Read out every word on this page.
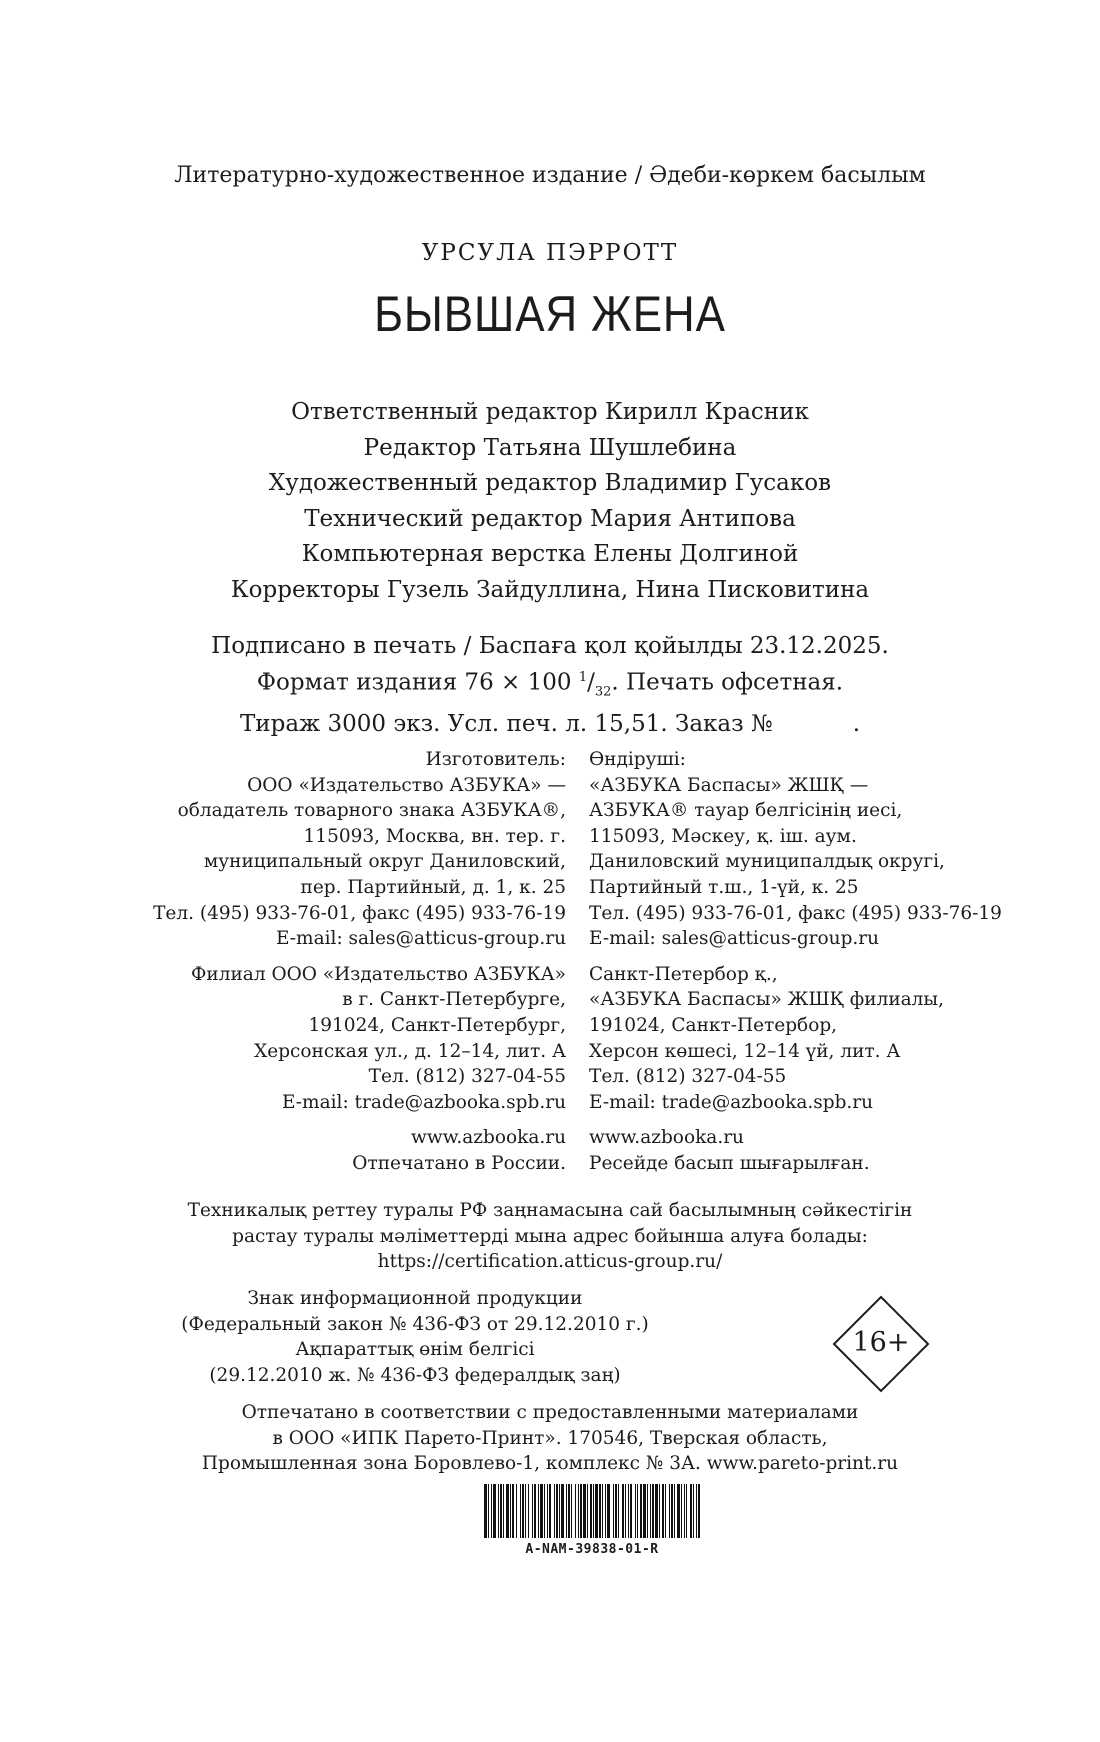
Литературно-художественное издание / Әдеби-көркем басылым
УРСУЛА ПЭРРОТТ
БЫВШАЯ ЖЕНА
Ответственный редактор Кирилл Красник
Редактор Татьяна Шушлебина
Художественный редактор Владимир Гусаков
Технический редактор Мария Антипова
Компьютерная верстка Елены Долгиной
Корректоры Гузель Зайдуллина, Нина Писковитина
Подписано в печать / Баспаға қол қойылды 23.12.2025.
Формат издания 76 × 100 $^1/_{32}$. Печать офсетная.
Тираж 3000 экз. Усл. печ. л. 15,51. Заказ №	.
Изготовитель:
ООО «Издательство АЗБУКА» —
обладатель товарного знака АЗБУКА®,
115093, Москва, вн. тер. г.
муниципальный округ Даниловский,
пер. Партийный, д. 1, к. 25
Тел. (495) 933-76-01, факс (495) 933-76-19
E-mail: sales@atticus-group.ru
Филиал ООО «Издательство АЗБУКА»
в г. Санкт-Петербурге,
191024, Санкт-Петербург,
Херсонская ул., д. 12–14, лит. А
Тел. (812) 327-04-55
E-mail: trade@azbooka.spb.ru
www.azbooka.ru
Отпечатано в России.
Өндіруші:
«АЗБУКА Баспасы» ЖШҚ —
АЗБУКА® тауар белгісінің иесі,
115093, Мәскеу, қ. іш. аум.
Даниловский муниципалдық округі,
Партийный т.ш., 1-үй, к. 25
Тел. (495) 933-76-01, факс (495) 933-76-19
E-mail: sales@atticus-group.ru
Санкт-Петербор қ.,
«АЗБУКА Баспасы» ЖШҚ филиалы,
191024, Санкт-Петербор,
Херсон көшесі, 12–14 үй, лит. А
Тел. (812) 327-04-55
E-mail: trade@azbooka.spb.ru
www.azbooka.ru
Ресейде басып шығарылған.
Техникалық реттеу туралы РФ заңнамасына сай басылымның сәйкестігін
растау туралы мәліметтерді мына адрес бойынша алуға болады:
https://certification.atticus-group.ru/
Знак информационной продукции
(Федеральный закон № 436-ФЗ от 29.12.2010 г.)
Ақпараттық өнім белгісі
(29.12.2010 ж. № 436-ФЗ федералдық заң)
16+
Отпечатано в соответствии с предоставленными материалами
в ООО «ИПК Парето-Принт». 170546, Тверская область,
Промышленная зона Боровлево-1, комплекс № 3А. www.pareto-print.ru
A-NAM-39838-01-R
